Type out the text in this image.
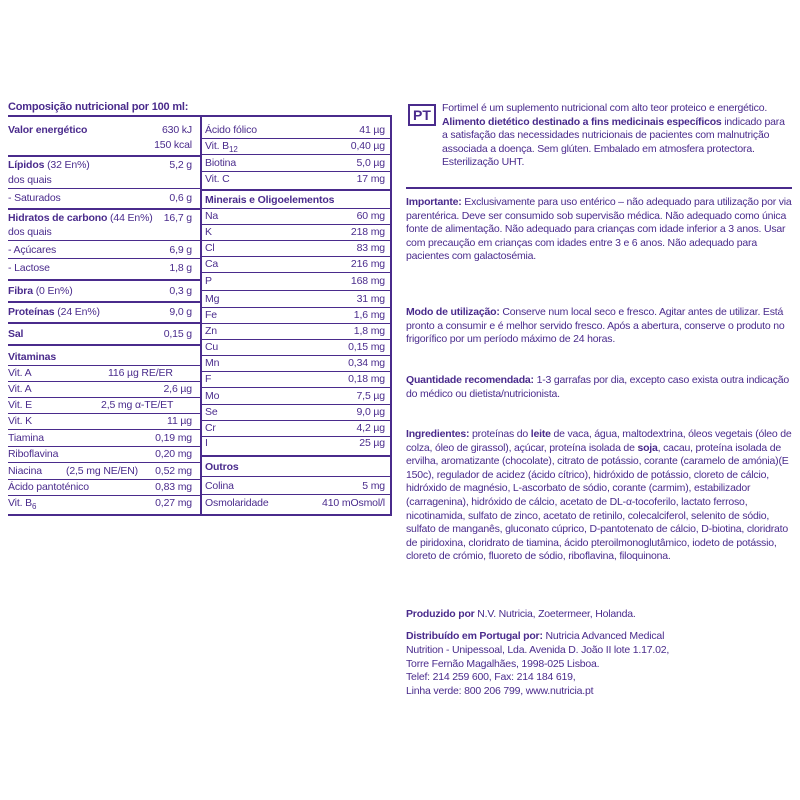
Composição nutricional por 100 ml:
Valor energético	630 kJ
150 kcal
Lípidos (32 En%)	5,2 g
dos quais
- Saturados	0,6 g
Hidratos de carbono (44 En%) 16,7 g
dos quais
- Açúcares	6,9 g
- Lactose	1,8 g
Fibra (0 En%)	0,3 g
Proteínas (24 En%)	9,0 g
Sal	0,15 g
Vitaminas
Vit. A	116 µg RE/ER
Vit. A	2,6 µg
Vit. E	2,5 mg α-TE/ET
Vit. K	11 µg
Tiamina	0,19 mg
Riboflavina	0,20 mg
Niacina (2,5 mg NE/EN) 0,52 mg
Ácido pantoténico	0,83 mg
Vit. $B_6$	0,27 mg
Ácido fólico	41 µg
Vit. $B_{12}$	0,40 µg
Biotina	5,0 µg
Vit. C	17 mg
Minerais e Oligoelementos
Na	60 mg
K	218 mg
Cl	83 mg
Ca	216 mg
P	168 mg
Mg	31 mg
Fe	1,6 mg
Zn	1,8 mg
Cu	0,15 mg
Mn	0,34 mg
F	0,18 mg
Mo	7,5 µg
Se	9,0 µg
Cr	4,2 µg
I	25 µg
Outros
Colina	5 mg
Osmolaridade	410 mOsmol/l
PT	Fortimel é um suplemento nutricional com alto teor proteico e energético. Alimento dietético destinado a fins medicinais específicos indicado para a satisfação das necessidades nutricionais de pacientes com malnutrição associada a doença. Sem glúten. Embalado em atmosfera protectora. Esterilização UHT.
Importante: Exclusivamente para uso entérico – não adequado para utilização por via parentérica. Deve ser consumido sob supervisão médica. Não adequado como única fonte de alimentação. Não adequado para crianças com idade inferior a 3 anos. Usar com precaução em crianças com idades entre 3 e 6 anos. Não adequado para pacientes com galactosémia.
Modo de utilização: Conserve num local seco e fresco. Agitar antes de utilizar. Está pronto a consumir e é melhor servido fresco. Após a abertura, conserve o produto no frigorífico por um período máximo de 24 horas.
Quantidade recomendada: 1-3 garrafas por dia, excepto caso exista outra indicação do médico ou dietista/nutricionista.
Ingredientes: proteínas do leite de vaca, água, maltodextrina, óleos vegetais (óleo de colza, óleo de girassol), açúcar, proteína isolada de soja, cacau, proteína isolada de ervilha, aromatizante (chocolate), citrato de potássio, corante (caramelo de amónia)(E 150c), regulador de acidez (ácido cítrico), hidróxido de potássio, cloreto de cálcio, hidróxido de magnésio, L-ascorbato de sódio, corante (carmim), estabilizador (carragenina), hidróxido de cálcio, acetato de DL-α-tocoferilo, lactato ferroso, nicotinamida, sulfato de zinco, acetato de retinilo, colecalciferol, selenito de sódio, sulfato de manganês, gluconato cúprico, D-pantotenato de cálcio, D-biotina, cloridrato de piridoxina, cloridrato de tiamina, ácido pteroilmonoglutâmico, iodeto de potássio, cloreto de crómio, fluoreto de sódio, riboflavina, filoquinona.
Produzido por N.V. Nutricia, Zoetermeer, Holanda.
Distribuído em Portugal por: Nutricia Advanced Medical
Nutrition - Unipessoal, Lda. Avenida D. João II lote 1.17.02,
Torre Fernão Magalhães, 1998-025 Lisboa.
Telef: 214 259 600, Fax: 214 184 619,
Linha verde: 800 206 799, www.nutricia.pt
